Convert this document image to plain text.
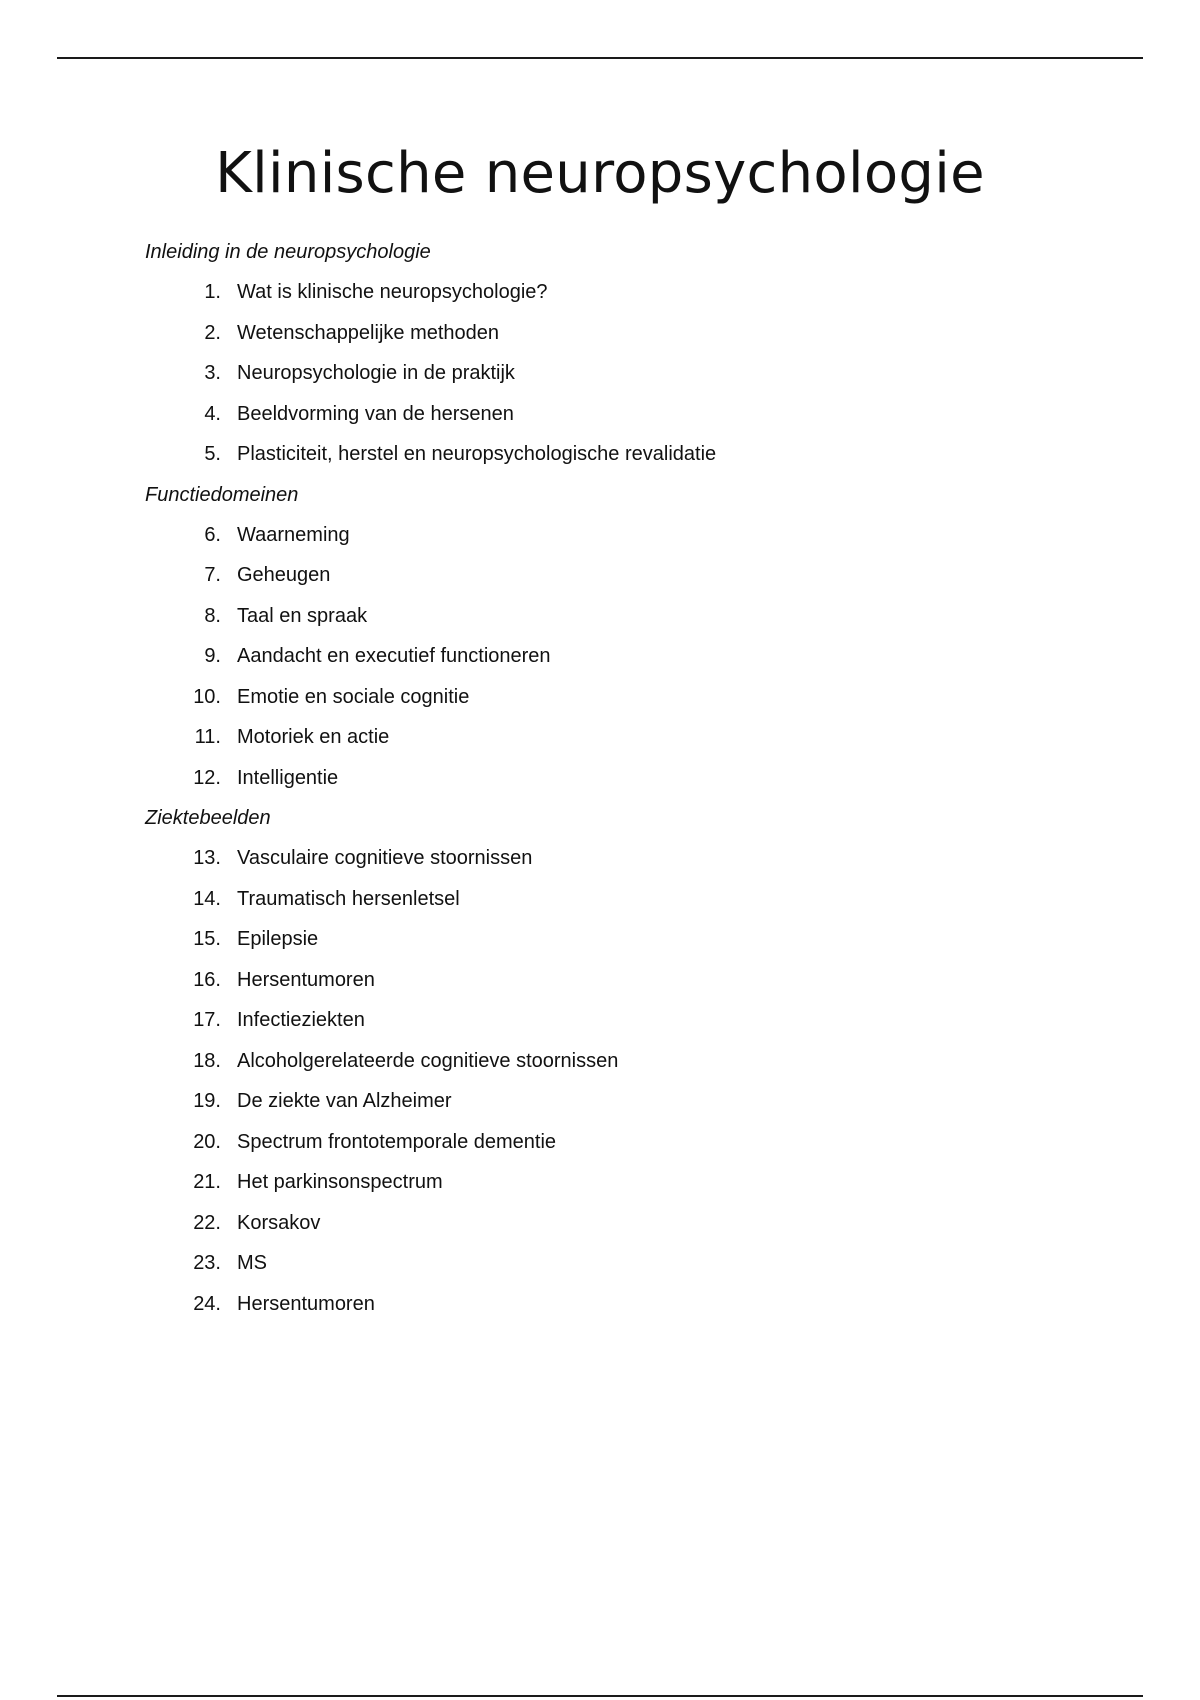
Klinische neuropsychologie
Inleiding in de neuropsychologie
1. Wat is klinische neuropsychologie?
2. Wetenschappelijke methoden
3. Neuropsychologie in de praktijk
4. Beeldvorming van de hersenen
5. Plasticiteit, herstel en neuropsychologische revalidatie
Functiedomeinen
6. Waarneming
7. Geheugen
8. Taal en spraak
9. Aandacht en executief functioneren
10. Emotie en sociale cognitie
11. Motoriek en actie
12. Intelligentie
Ziektebeelden
13. Vasculaire cognitieve stoornissen
14. Traumatisch hersenletsel
15. Epilepsie
16. Hersentumoren
17. Infectieziekten
18. Alcoholgerelateerde cognitieve stoornissen
19. De ziekte van Alzheimer
20. Spectrum frontotemporale dementie
21. Het parkinsonspectrum
22. Korsakov
23. MS
24. Hersentumoren
